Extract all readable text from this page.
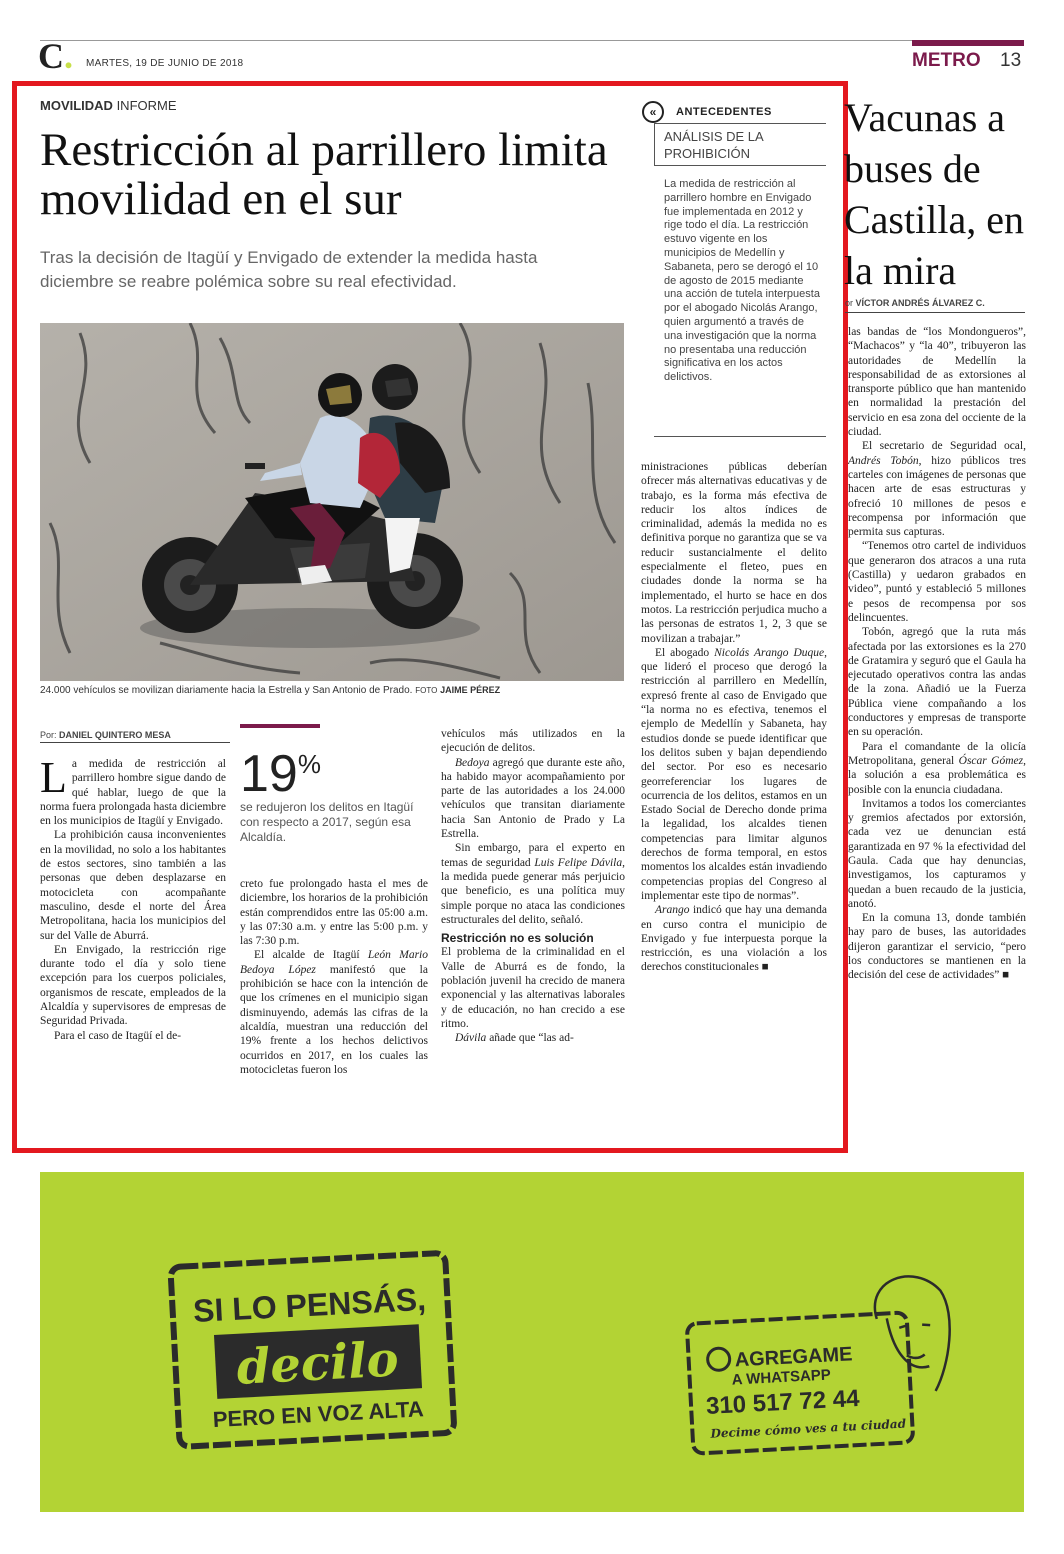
C. MARTES, 19 DE JUNIO DE 2018	METRO 13
MOVILIDAD INFORME
Restricción al parrillero limita movilidad en el sur
Tras la decisión de Itagüí y Envigado de extender la medida hasta diciembre se reabre polémica sobre su real efectividad.
24.000 vehículos se movilizan diariamente hacia la Estrella y San Antonio de Prado. FOTO JAIME PÉREZ
«	ANTECEDENTES
ANÁLISIS DE LA PROHIBICIÓN
La medida de restricción al parrillero hombre en Envigado fue implementada en 2012 y rige todo el día. La restricción estuvo vigente en los municipios de Medellín y Sabaneta, pero se derogó el 10 de agosto de 2015 mediante una acción de tutela interpuesta por el abogado Nicolás Arango, quien argumentó a través de una investigación que la norma no presentaba una reducción significativa en los actos delictivos.
Por: DANIEL QUINTERO MESA

La medida de restricción al parrillero hombre sigue dando de qué hablar, luego de que la norma fuera prolongada hasta diciembre en los municipios de Itagüí y Envigado.

La prohibición causa inconvenientes en la movilidad, no solo a los habitantes de estos sectores, sino también a las personas que deben desplazarse en motocicleta con acompañante masculino, desde el norte del Área Metropolitana, hacia los municipios del sur del Valle de Aburrá.

En Envigado, la restricción rige durante todo el día y solo tiene excepción para los cuerpos policiales, organismos de rescate, empleados de la Alcaldía y supervisores de empresas de Seguridad Privada.

Para el caso de Itagüí el de-

19%
se redujeron los delitos en Itagüí con respecto a 2017, según esa Alcaldía.

creto fue prolongado hasta el mes de diciembre, los horarios de la prohibición están comprendidos entre las 05:00 a.m. y las 07:30 a.m. y entre las 5:00 p.m. y las 7:30 p.m.

El alcalde de Itagüí León Mario Bedoya López manifestó que la prohibición se hace con la intención de que los crímenes en el municipio sigan disminuyendo, además las cifras de la alcaldía, muestran una reducción del 19% frente a los hechos delictivos ocurridos en 2017, en los cuales las motocicletas fueron los

vehículos más utilizados en la ejecución de delitos.

Bedoya agregó que durante este año, ha habido mayor acompañamiento por parte de las autoridades a los 24.000 vehículos que transitan diariamente hacia San Antonio de Prado y La Estrella.

Sin embargo, para el experto en temas de seguridad Luis Felipe Dávila, la medida puede generar más perjuicio que beneficio, es una política muy simple porque no ataca las condiciones estructurales del delito, señaló.

Restricción no es solución

El problema de la criminalidad en el Valle de Aburrá es de fondo, la población juvenil ha crecido de manera exponencial y las alternativas laborales y de educación, no han crecido a ese ritmo.

Dávila añade que “las ad-

ministraciones públicas deberían ofrecer más alternativas educativas y de trabajo, es la forma más efectiva de reducir los altos índices de criminalidad, además la medida no es definitiva porque no garantiza que se va reducir sustancialmente el delito especialmente el fleteo, pues en ciudades donde la norma se ha implementado, el hurto se hace en dos motos. La restricción perjudica mucho a las personas de estratos 1, 2, 3 que se movilizan a trabajar.”

El abogado Nicolás Arango Duque, que lideró el proceso que derogó la restricción al parrillero en Medellín, expresó frente al caso de Envigado que “la norma no es efectiva, tenemos el ejemplo de Medellín y Sabaneta, hay estudios donde se puede identificar que los delitos suben y bajan dependiendo del sector. Por eso es necesario georreferenciar los lugares de ocurrencia de los delitos, estamos en un Estado Social de Derecho donde prima la legalidad, los alcaldes tienen competencias para limitar algunos derechos de forma temporal, en estos momentos los alcaldes están invadiendo competencias propias del Congreso al implementar este tipo de normas”.

Arango indicó que hay una demanda en curso contra el municipio de Envigado y fue interpuesta porque la restricción, es una violación a los derechos constitucionales ■

Vacunas a buses de Castilla, en la mira
or VÍCTOR ANDRÉS ÁLVAREZ C.

las bandas de “los Mondongueros”, “Machacos” y “la 40”, tribuyeron las autoridades de Medellín la responsabilidad de as extorsiones al transporte público que han mantenido en normalidad la prestación del servicio en esa zona del occiente de la ciudad.

El secretario de Seguridad ocal, Andrés Tobón, hizo públicos tres carteles con imágenes de personas que hacen arte de esas estructuras y ofreció 10 millones de pesos e recompensa por información que permita sus capturas.

“Tenemos otro cartel de individuos que generaron dos atracos a una ruta (Castilla) y uedaron grabados en video”, puntó y estableció 5 millones e pesos de recompensa por sos delincuentes.

Tobón, agregó que la ruta más afectada por las extorsiones es la 270 de Gratamira y seguró que el Gaula ha ejecutado operativos contra las andas de la zona. Añadió ue la Fuerza Pública viene compañando a los conductores y empresas de transporte en su operación.

Para el comandante de la olicía Metropolitana, general Óscar Gómez, la solución a esa problemática es posible con la enuncia ciudadana.

Invitamos a todos los comerciantes y gremios afectados por extorsión, cada vez ue denuncian está garantizada en 97 % la efectividad del Gaula. Cada que hay denuncias, investigamos, los capturamos y quedan a buen recaudo de la justicia, anotó.

En la comuna 13, donde también hay paro de buses, las autoridades dijeron garantizar el servicio, “pero los conductores se mantienen en la decisión del cese de actividades” ■

SI LO PENSÁS,
decilo
PERO EN VOZ ALTA
AGREGAME
A WHATSAPP
310 517 72 44
Decime cómo ves a tu ciudad
